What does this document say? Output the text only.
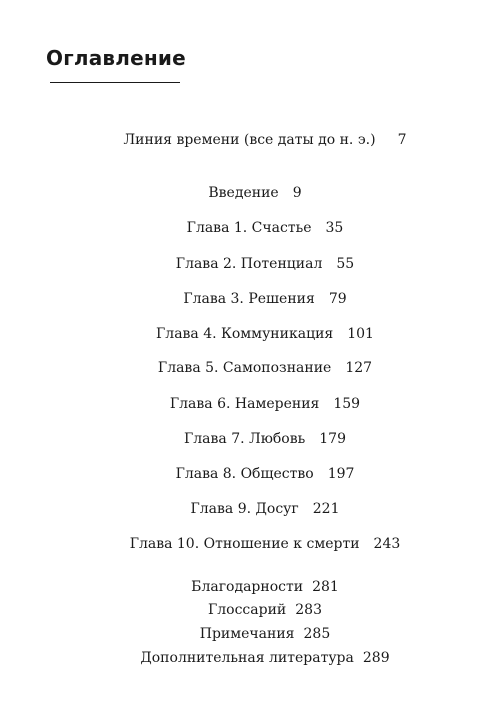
Оглавление
Линия времени (все даты до н. э.) 7
Введение 9
Глава 1. Счастье 35
Глава 2. Потенциал 55
Глава 3. Решения 79
Глава 4. Коммуникация 101
Глава 5. Самопознание 127
Глава 6. Намерения 159
Глава 7. Любовь 179
Глава 8. Общество 197
Глава 9. Досуг 221
Глава 10. Отношение к смерти 243
Благодарности 281
Глоссарий 283
Примечания 285
Дополнительная литература 289
